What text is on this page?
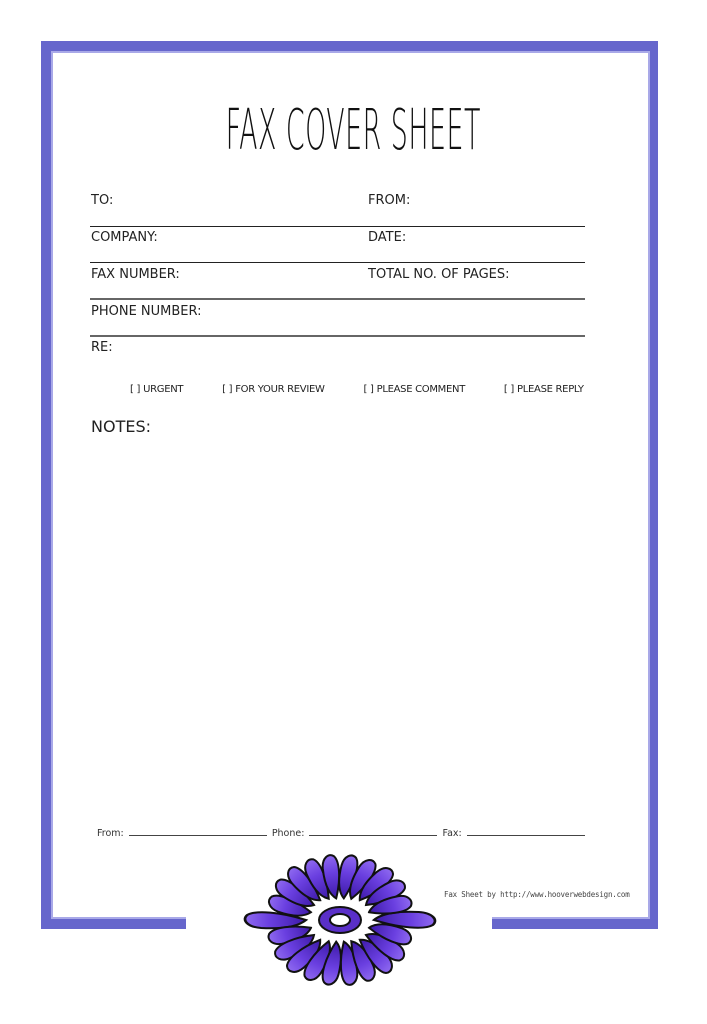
FAX COVER SHEET
TO:	FROM:
COMPANY:	DATE:
FAX NUMBER:	TOTAL NO. OF PAGES:
PHONE NUMBER:
RE:
[ ] URGENT	[ ] FOR YOUR REVIEW	[ ] PLEASE COMMENT	[ ] PLEASE REPLY
NOTES:
From:	Phone:	Fax:
Fax Sheet by http://www.hooverwebdesign.com
